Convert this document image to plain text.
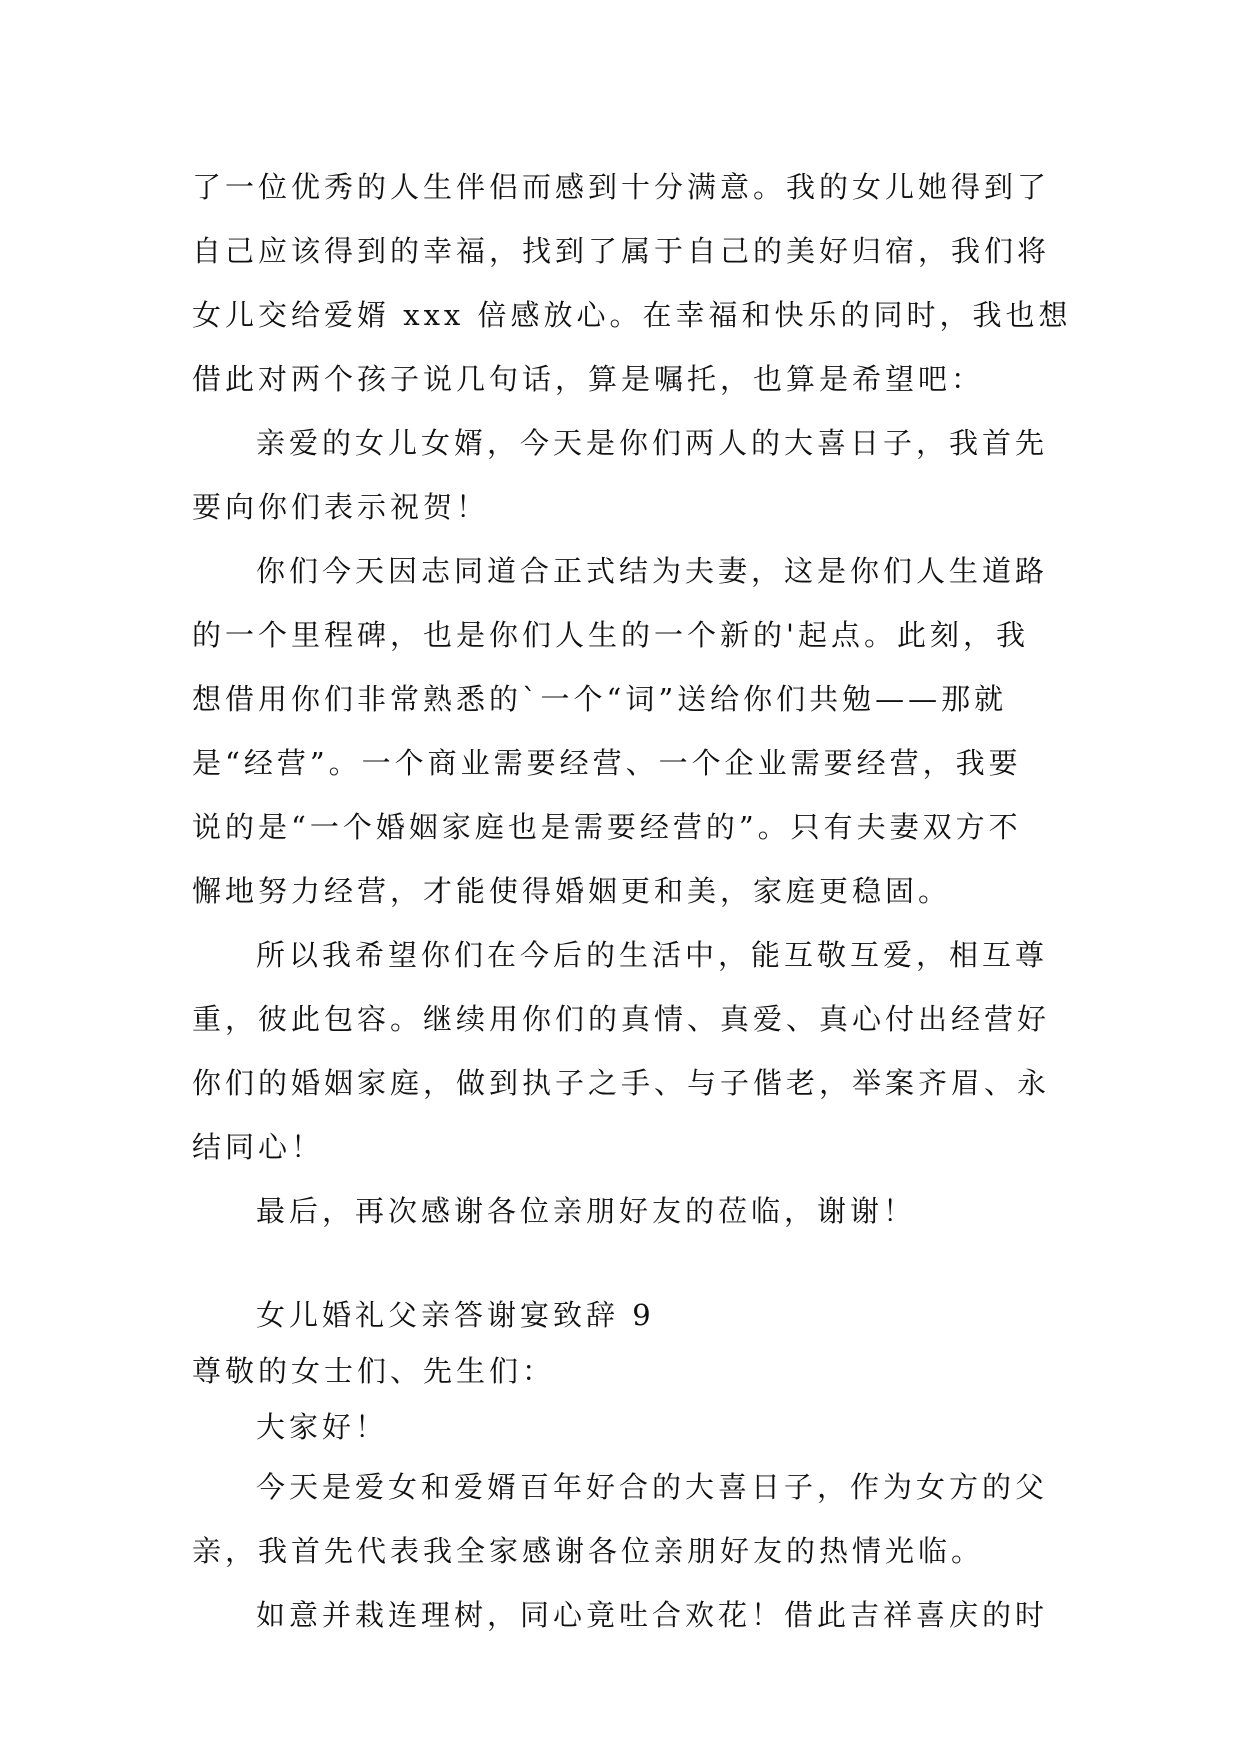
了一位优秀的人生伴侣而感到十分满意。我的女儿她得到了
自己应该得到的幸福，找到了属于自己的美好归宿，我们将
女儿交给爱婿 xxx 倍感放心。在幸福和快乐的同时，我也想
借此对两个孩子说几句话，算是嘱托，也算是希望吧：
亲爱的女儿女婿，今天是你们两人的大喜日子，我首先
要向你们表示祝贺！
你们今天因志同道合正式结为夫妻，这是你们人生道路
的一个里程碑，也是你们人生的一个新的'起点。此刻，我
想借用你们非常熟悉的`一个“词”送给你们共勉——那就
是“经营”。一个商业需要经营、一个企业需要经营，我要
说的是“一个婚姻家庭也是需要经营的”。只有夫妻双方不
懈地努力经营，才能使得婚姻更和美，家庭更稳固。
所以我希望你们在今后的生活中，能互敬互爱，相互尊
重，彼此包容。继续用你们的真情、真爱、真心付出经营好
你们的婚姻家庭，做到执子之手、与子偕老，举案齐眉、永
结同心！
最后，再次感谢各位亲朋好友的莅临，谢谢！
女儿婚礼父亲答谢宴致辞 9
尊敬的女士们、先生们：
大家好！
今天是爱女和爱婿百年好合的大喜日子，作为女方的父
亲，我首先代表我全家感谢各位亲朋好友的热情光临。
如意并栽连理树，同心竟吐合欢花！借此吉祥喜庆的时
